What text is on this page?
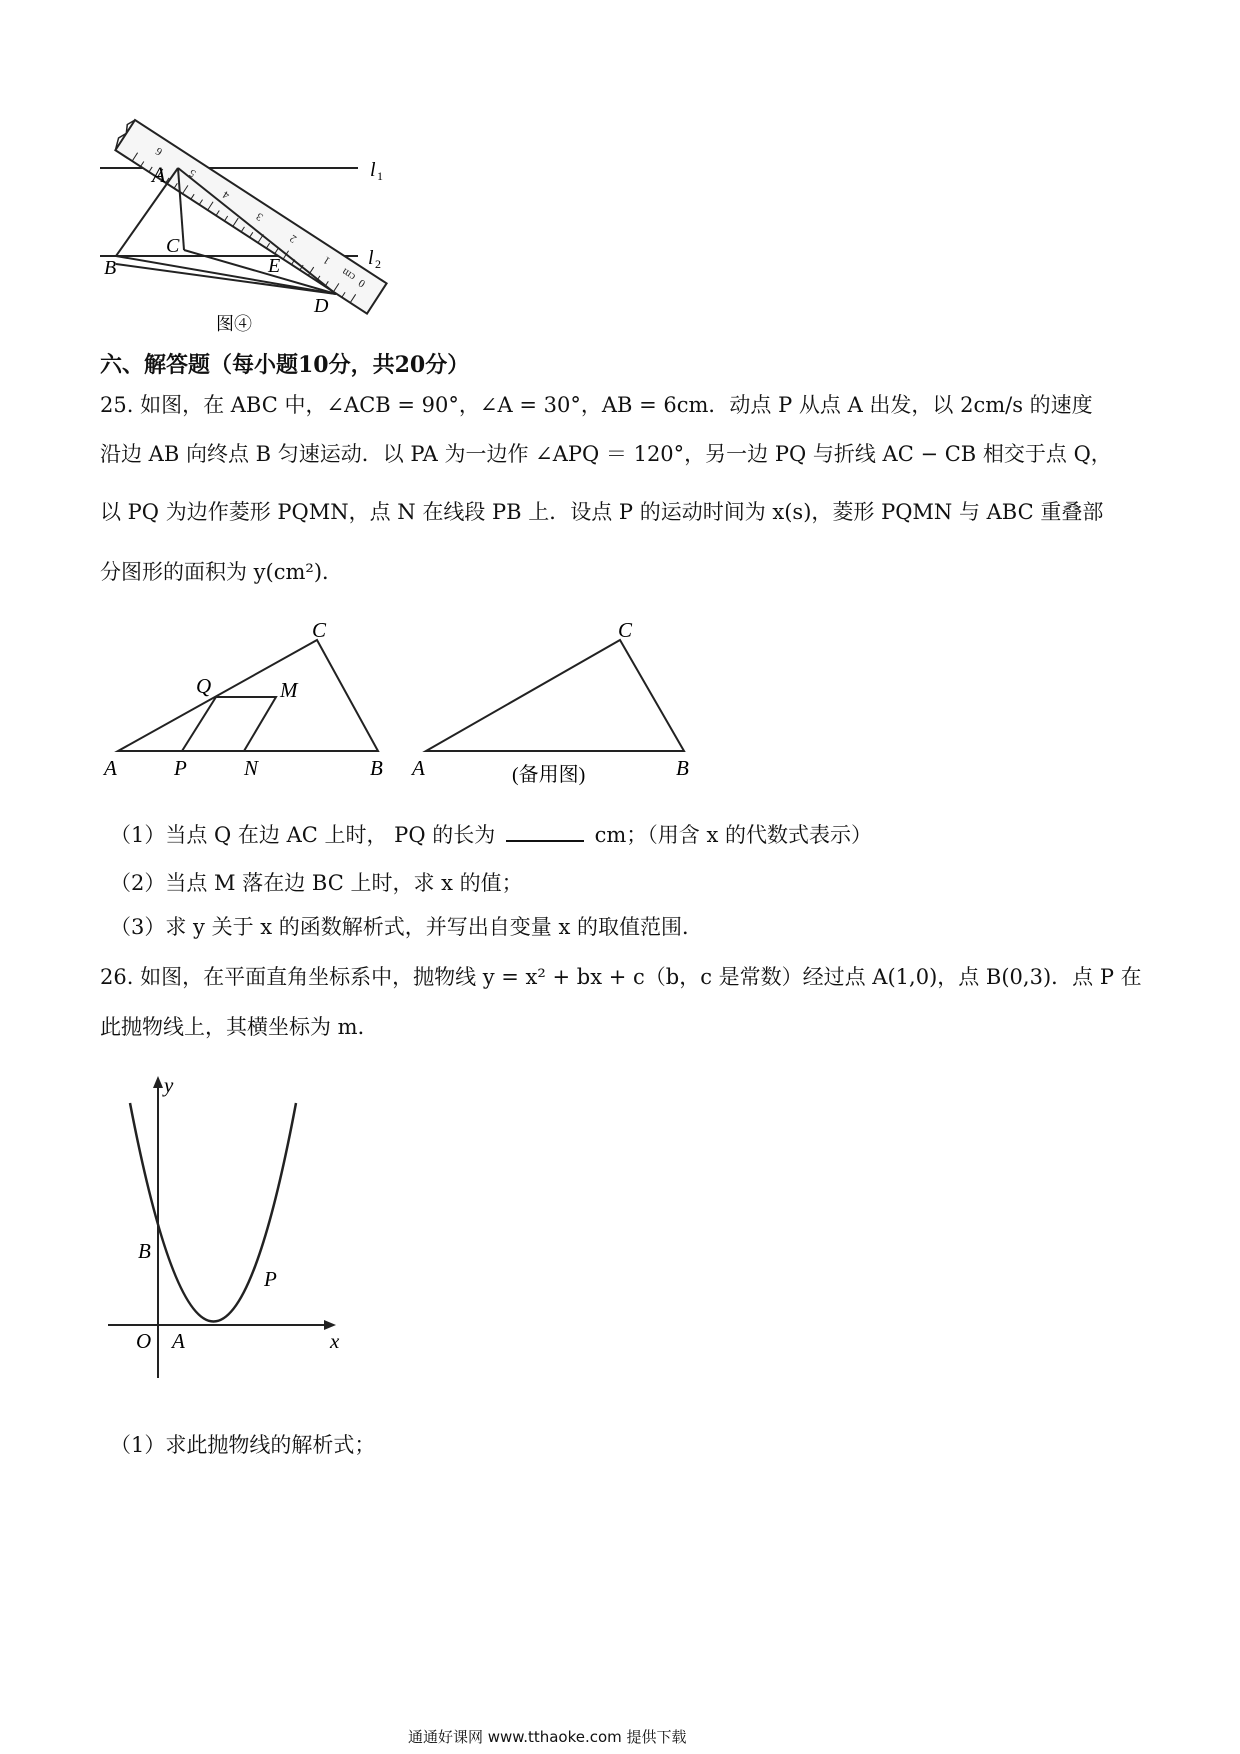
0
cm
1
2
3
4
5
6
A
C
B	E
D
l 1
l 2
图④
六、解答题（每小题10分，共20分）
25. 如图，在 ABC 中，∠ACB = 90°，∠A = 30°，AB = 6cm．动点 P 从点 A 出发，以 2cm/s 的速度
沿边 AB 向终点 B 匀速运动．以 PA 为一边作 ∠APQ ＝ 120°，另一边 PQ 与折线 AC − CB 相交于点 Q，
以 PQ 为边作菱形 PQMN，点 N 在线段 PB 上．设点 P 的运动时间为 x(s)，菱形 PQMN 与 ABC 重叠部
分图形的面积为 y(cm²)．
C
Q	M
A	P	N	B
C
A	B
(备用图)
（1）当点 Q 在边 AC 上时， PQ 的长为	cm；（用含 x 的代数式表示）
（2）当点 M 落在边 BC 上时，求 x 的值；
（3）求 y 关于 x 的函数解析式，并写出自变量 x 的取值范围．
26. 如图，在平面直角坐标系中，抛物线 y = x² + bx + c（b，c 是常数）经过点 A(1,0)，点 B(0,3)．点 P 在
此抛物线上，其横坐标为 m．
y
x
O A
B
P
（1）求此抛物线的解析式；
通通好课网 www.tthaoke.com 提供下载
